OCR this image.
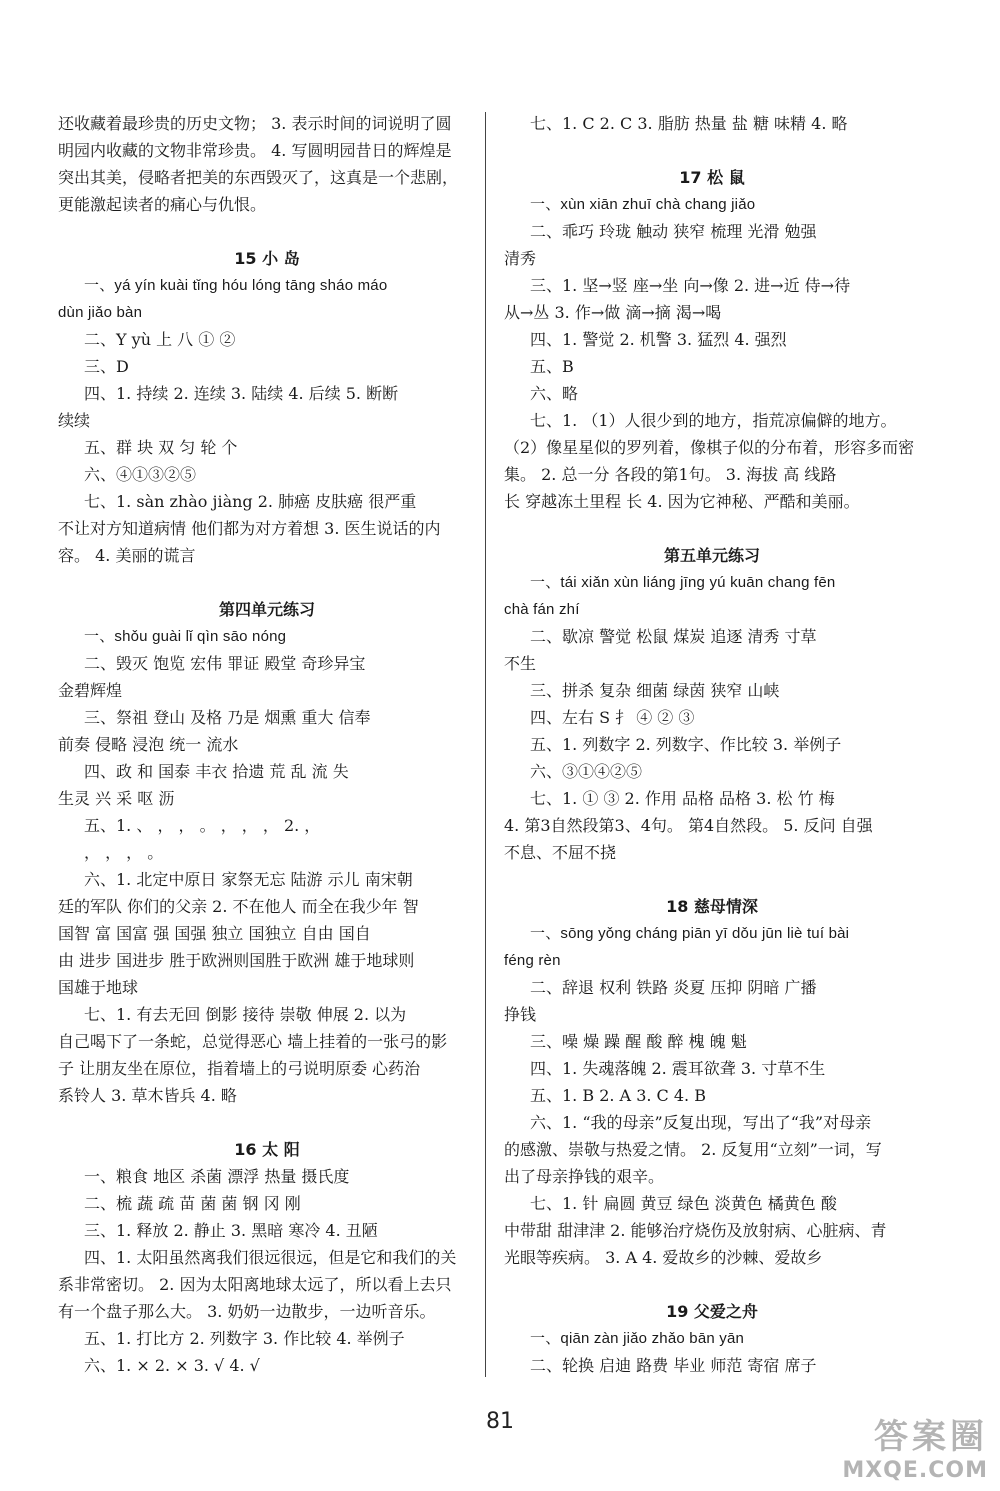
还收藏着最珍贵的历史文物； 3. 表示时间的词说明了圆
明园内收藏的文物非常珍贵。 4. 写圆明园昔日的辉煌是
突出其美，侵略者把美的东西毁灭了，这真是一个悲剧，
更能激起读者的痛心与仇恨。
15 小 岛
一、yá yín kuài tǐng hóu lóng tāng sháo máo
dùn jiǎo bàn
二、Y yù 上 八 ① ②
三、D
四、1. 持续 2. 连续 3. 陆续 4. 后续 5. 断断
续续
五、群 块 双 匀 轮 个
六、④①③②⑤
七、1. sàn zhào jiàng 2. 肺癌 皮肤癌 很严重
不让对方知道病情 他们都为对方着想 3. 医生说话的内
容。 4. 美丽的谎言
第四单元练习
一、shǒu guài lǐ qìn sāo nóng
二、毁灭 饱览 宏伟 罪证 殿堂 奇珍异宝
金碧辉煌
三、祭祖 登山 及格 乃是 烟熏 重大 信奉
前奏 侵略 浸泡 统一 流水
四、政 和 国泰 丰衣 拾遗 荒 乱 流 失
生灵 兴 采 呕 沥
五、1. 、 ， ， 。 ， ， ， 2. ，
， ， ， 。
六、1. 北定中原日 家祭无忘 陆游 示儿 南宋朝
廷的军队 你们的父亲 2. 不在他人 而全在我少年 智
国智 富 国富 强 国强 独立 国独立 自由 国自
由 进步 国进步 胜于欧洲则国胜于欧洲 雄于地球则
国雄于地球
七、1. 有去无回 倒影 接待 崇敬 伸展 2. 以为
自己喝下了一条蛇，总觉得恶心 墙上挂着的一张弓的影
子 让朋友坐在原位，指着墙上的弓说明原委 心药治
系铃人 3. 草木皆兵 4. 略
16 太 阳
一、粮食 地区 杀菌 漂浮 热量 摄氏度
二、梳 蔬 疏 苗 菌 菌 钢 冈 刚
三、1. 释放 2. 静止 3. 黑暗 寒冷 4. 丑陋
四、1. 太阳虽然离我们很远很远，但是它和我们的关
系非常密切。 2. 因为太阳离地球太远了，所以看上去只
有一个盘子那么大。 3. 奶奶一边散步，一边听音乐。
五、1. 打比方 2. 列数字 3. 作比较 4. 举例子
六、1. × 2. × 3. √ 4. √
七、1. C 2. C 3. 脂肪 热量 盐 糖 味精 4. 略
17 松 鼠
一、xùn xiān zhuī chà chang jiǎo
二、乖巧 玲珑 触动 狭窄 梳理 光滑 勉强
清秀
三、1. 坚→竖 座→坐 向→像 2. 进→近 侍→待
从→丛 3. 作→做 滴→摘 渴→喝
四、1. 警觉 2. 机警 3. 猛烈 4. 强烈
五、B
六、略
七、1. （1）人很少到的地方，指荒凉偏僻的地方。
（2）像星星似的罗列着，像棋子似的分布着，形容多而密
集。 2. 总一分 各段的第1句。 3. 海拔 高 线路
长 穿越冻土里程 长 4. 因为它神秘、严酷和美丽。
第五单元练习
一、tái xiǎn xùn liáng jīng yú kuān chang fēn
chà fán zhí
二、歇凉 警觉 松鼠 煤炭 追逐 清秀 寸草
不生
三、拼杀 复杂 细菌 绿茵 狭窄 山峡
四、左右 S 扌 ④ ② ③
五、1. 列数字 2. 列数字、作比较 3. 举例子
六、③①④②⑤
七、1. ① ③ 2. 作用 品格 品格 3. 松 竹 梅
4. 第3自然段第3、4句。 第4自然段。 5. 反问 自强
不息、不屈不挠
18 慈母情深
一、sōng yǒng cháng piān yī dǒu jūn liè tuí bài
féng rèn
二、辞退 权利 铁路 炎夏 压抑 阴暗 广播
挣钱
三、噪 燥 躁 醒 酸 醉 槐 魄 魁
四、1. 失魂落魄 2. 震耳欲聋 3. 寸草不生
五、1. B 2. A 3. C 4. B
六、1. “我的母亲”反复出现，写出了“我”对母亲
的感激、崇敬与热爱之情。 2. 反复用“立刻”一词，写
出了母亲挣钱的艰辛。
七、1. 针 扁圆 黄豆 绿色 淡黄色 橘黄色 酸
中带甜 甜津津 2. 能够治疗烧伤及放射病、心脏病、青
光眼等疾病。 3. A 4. 爱故乡的沙棘、爱故乡
19 父爱之舟
一、qiān zàn jiǎo zhǎo bān yān
二、轮换 启迪 路费 毕业 师范 寄宿 席子
81	答案圈
MXQE.COM
